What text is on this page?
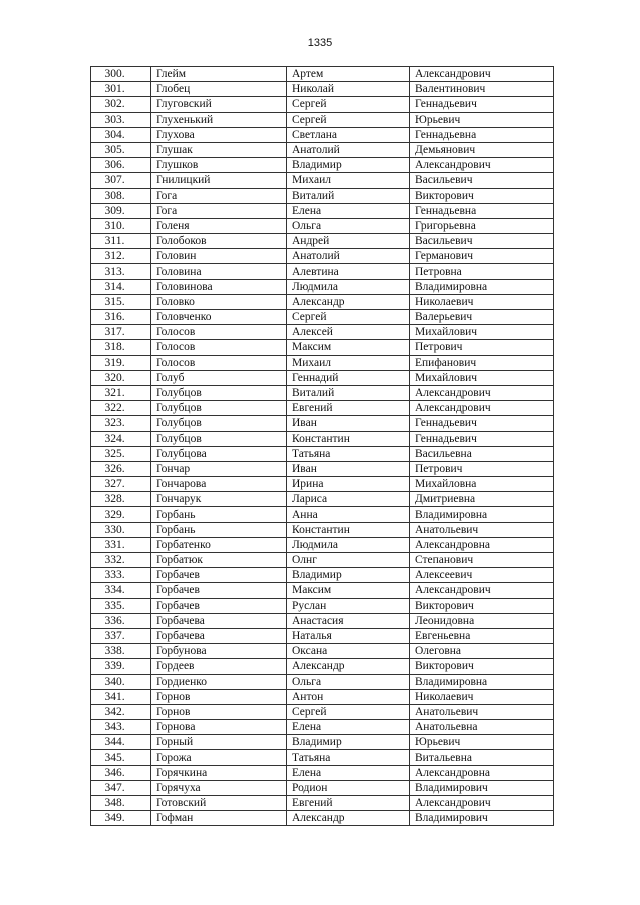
1335
300.	Глейм	Артем	Александрович
301.	Глобец	Николай	Валентинович
302.	Глуговский	Сергей	Геннадьевич
303.	Глухенький	Сергей	Юрьевич
304.	Глухова	Светлана	Геннадьевна
305.	Глушак	Анатолий	Демьянович
306.	Глушков	Владимир	Александрович
307.	Гнилицкий	Михаил	Васильевич
308.	Гога	Виталий	Викторович
309.	Гога	Елена	Геннадьевна
310.	Голеня	Ольга	Григорьевна
311.	Голобоков	Андрей	Васильевич
312.	Головин	Анатолий	Германович
313.	Головина	Алевтина	Петровна
314.	Головинова	Людмила	Владимировна
315.	Головко	Александр	Николаевич
316.	Головченко	Сергей	Валерьевич
317.	Голосов	Алексей	Михайлович
318.	Голосов	Максим	Петрович
319.	Голосов	Михаил	Епифанович
320.	Голуб	Геннадий	Михайлович
321.	Голубцов	Виталий	Александрович
322.	Голубцов	Евгений	Александрович
323.	Голубцов	Иван	Геннадьевич
324.	Голубцов	Константин	Геннадьевич
325.	Голубцова	Татьяна	Васильевна
326.	Гончар	Иван	Петрович
327.	Гончарова	Ирина	Михайловна
328.	Гончарук	Лариса	Дмитриевна
329.	Горбань	Анна	Владимировна
330.	Горбань	Константин	Анатольевич
331.	Горбатенко	Людмила	Александровна
332.	Горбатюк	Олнг	Степанович
333.	Горбачев	Владимир	Алексеевич
334.	Горбачев	Максим	Александрович
335.	Горбачев	Руслан	Викторович
336.	Горбачева	Анастасия	Леонидовна
337.	Горбачева	Наталья	Евгеньевна
338.	Горбунова	Оксана	Олеговна
339.	Гордеев	Александр	Викторович
340.	Гордиенко	Ольга	Владимировна
341.	Горнов	Антон	Николаевич
342.	Горнов	Сергей	Анатольевич
343.	Горнова	Елена	Анатольевна
344.	Горный	Владимир	Юрьевич
345.	Горожа	Татьяна	Витальевна
346.	Горячкина	Елена	Александровна
347.	Горячуха	Родион	Владимирович
348.	Готовский	Евгений	Александрович
349.	Гофман	Александр	Владимирович
